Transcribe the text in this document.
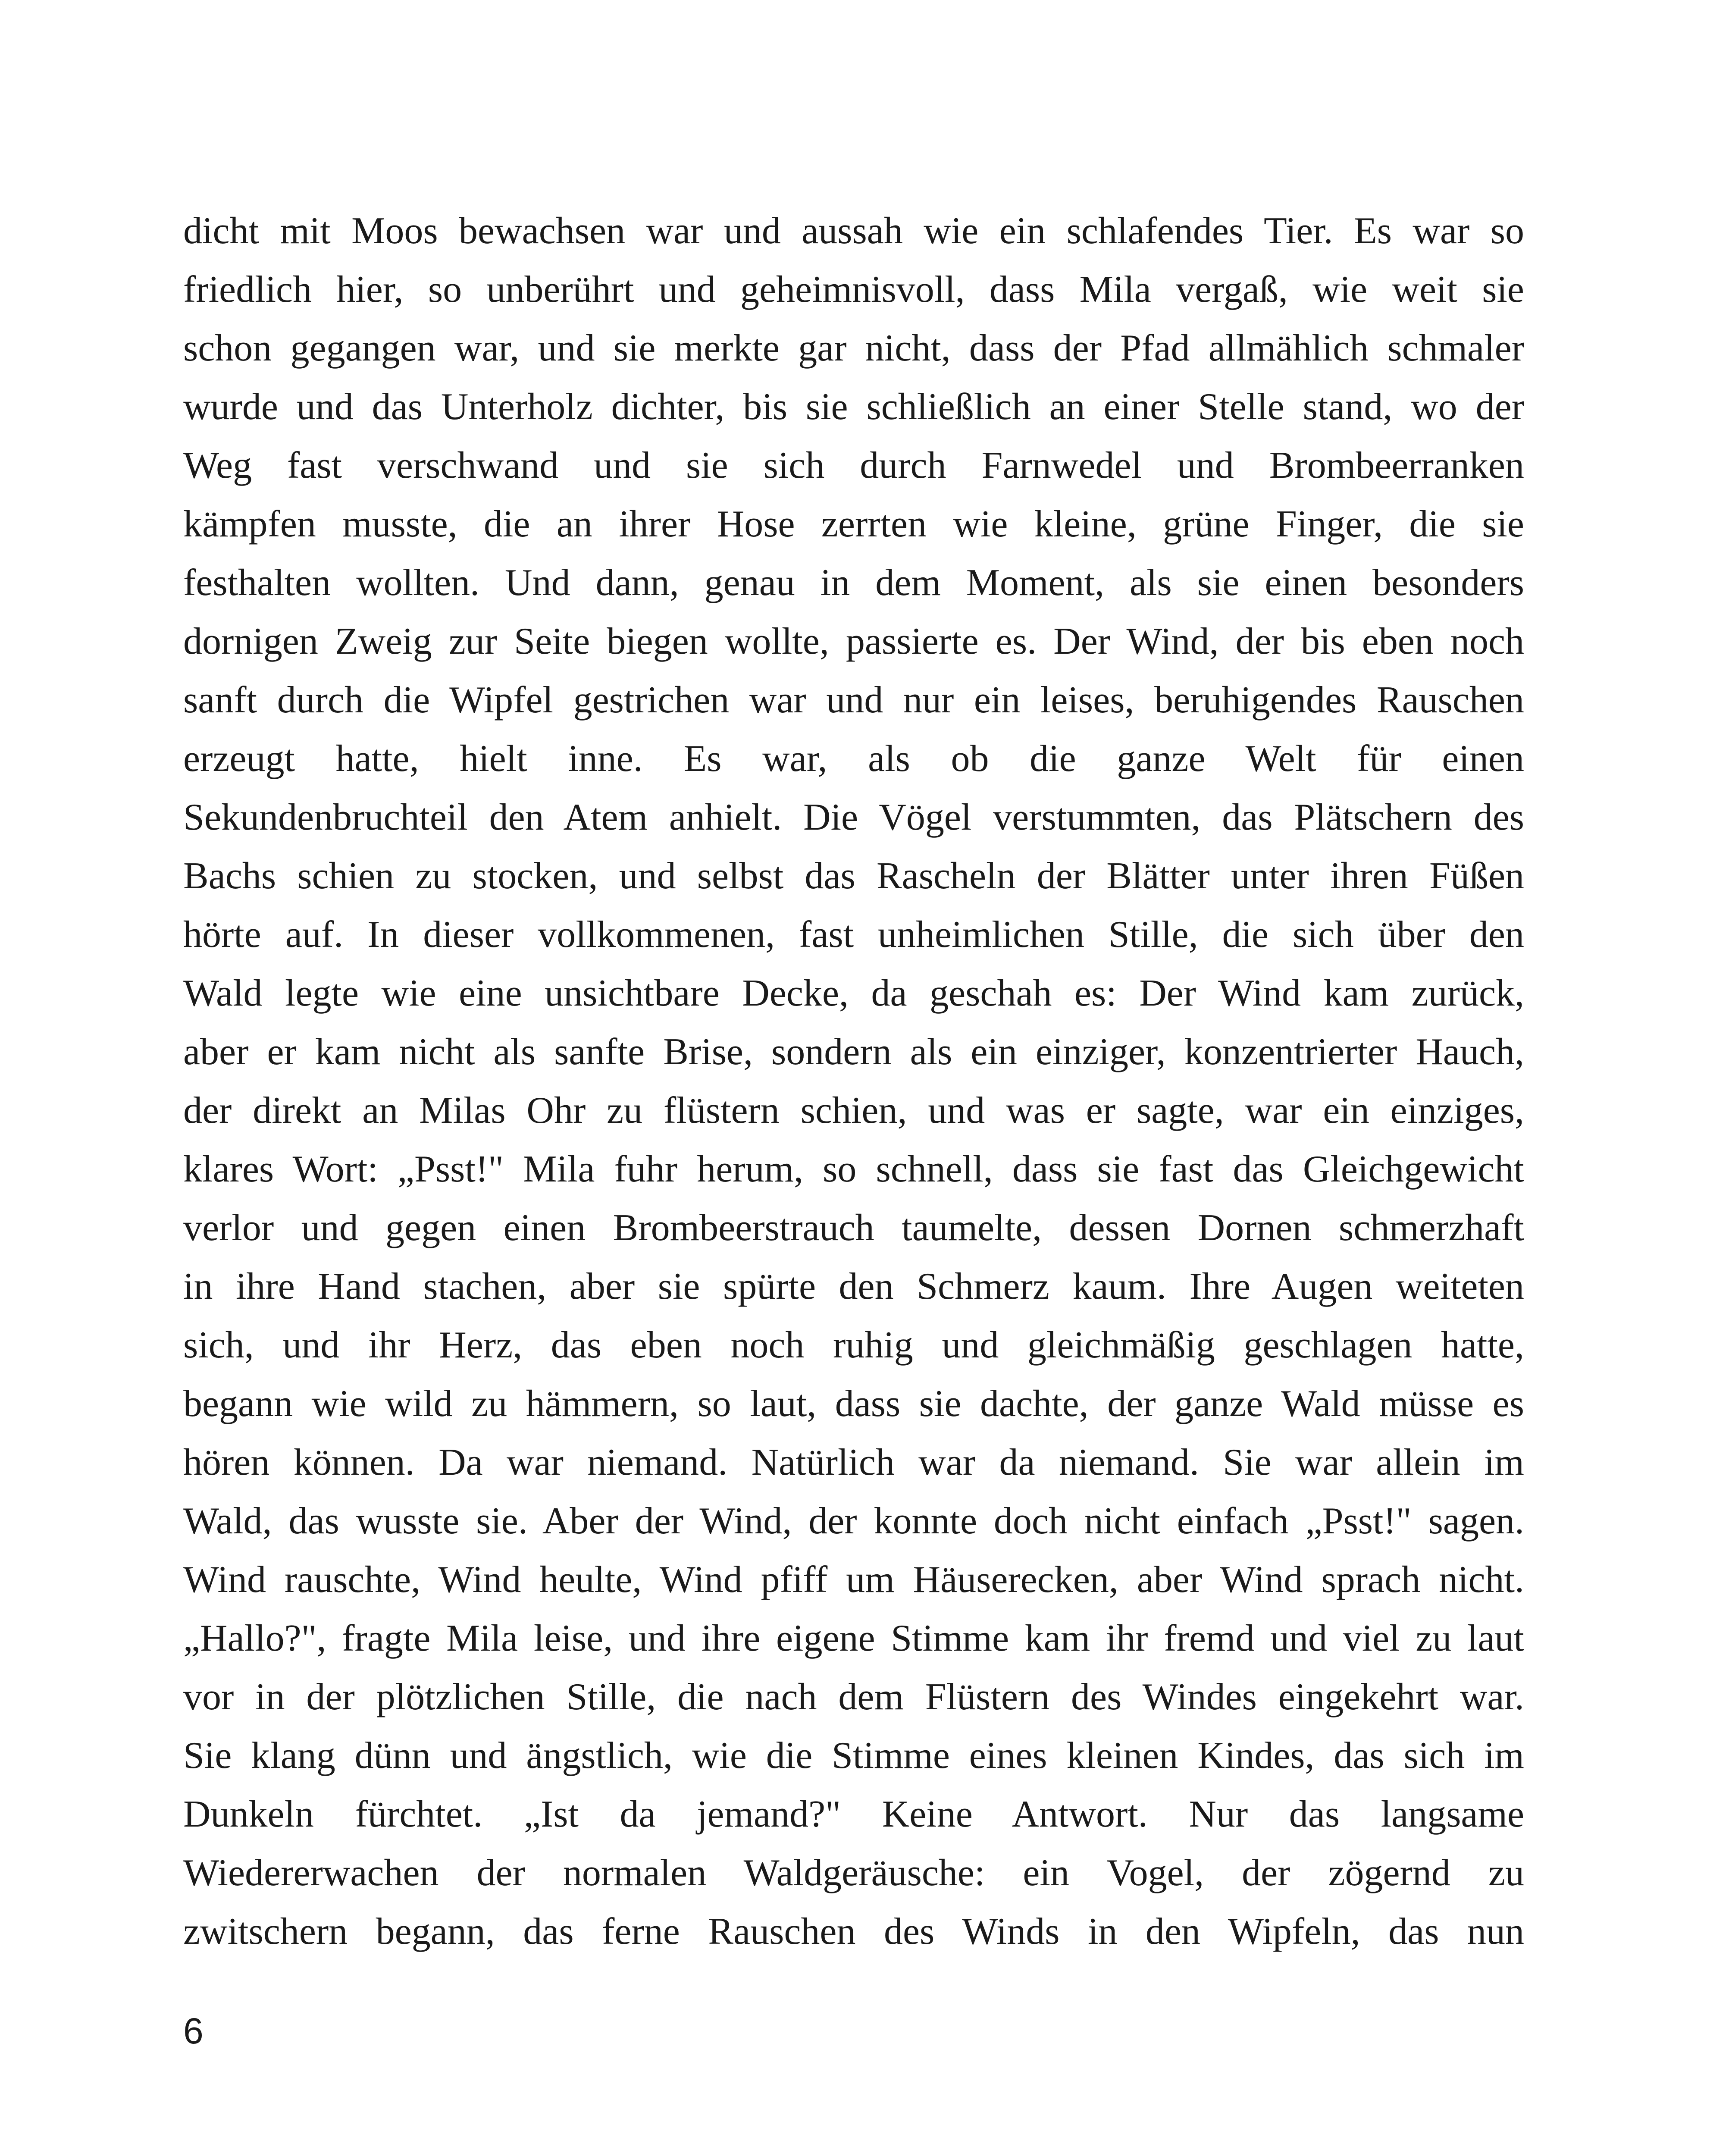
dicht mit Moos bewachsen war und aussah wie ein schlafendes Tier. Es war so
friedlich hier, so unberührt und geheimnisvoll, dass Mila vergaß, wie weit sie
schon gegangen war, und sie merkte gar nicht, dass der Pfad allmählich schmaler
wurde und das Unterholz dichter, bis sie schließlich an einer Stelle stand, wo der
Weg fast verschwand und sie sich durch Farnwedel und Brombeerranken
kämpfen musste, die an ihrer Hose zerrten wie kleine, grüne Finger, die sie
festhalten wollten. Und dann, genau in dem Moment, als sie einen besonders
dornigen Zweig zur Seite biegen wollte, passierte es. Der Wind, der bis eben noch
sanft durch die Wipfel gestrichen war und nur ein leises, beruhigendes Rauschen
erzeugt hatte, hielt inne. Es war, als ob die ganze Welt für einen
Sekundenbruchteil den Atem anhielt. Die Vögel verstummten, das Plätschern des
Bachs schien zu stocken, und selbst das Rascheln der Blätter unter ihren Füßen
hörte auf. In dieser vollkommenen, fast unheimlichen Stille, die sich über den
Wald legte wie eine unsichtbare Decke, da geschah es: Der Wind kam zurück,
aber er kam nicht als sanfte Brise, sondern als ein einziger, konzentrierter Hauch,
der direkt an Milas Ohr zu flüstern schien, und was er sagte, war ein einziges,
klares Wort: „Psst!" Mila fuhr herum, so schnell, dass sie fast das Gleichgewicht
verlor und gegen einen Brombeerstrauch taumelte, dessen Dornen schmerzhaft
in ihre Hand stachen, aber sie spürte den Schmerz kaum. Ihre Augen weiteten
sich, und ihr Herz, das eben noch ruhig und gleichmäßig geschlagen hatte,
begann wie wild zu hämmern, so laut, dass sie dachte, der ganze Wald müsse es
hören können. Da war niemand. Natürlich war da niemand. Sie war allein im
Wald, das wusste sie. Aber der Wind, der konnte doch nicht einfach „Psst!" sagen.
Wind rauschte, Wind heulte, Wind pfiff um Häuserecken, aber Wind sprach nicht.
„Hallo?", fragte Mila leise, und ihre eigene Stimme kam ihr fremd und viel zu laut
vor in der plötzlichen Stille, die nach dem Flüstern des Windes eingekehrt war.
Sie klang dünn und ängstlich, wie die Stimme eines kleinen Kindes, das sich im
Dunkeln fürchtet. „Ist da jemand?" Keine Antwort. Nur das langsame
Wiedererwachen der normalen Waldgeräusche: ein Vogel, der zögernd zu
zwitschern begann, das ferne Rauschen des Winds in den Wipfeln, das nun
6
